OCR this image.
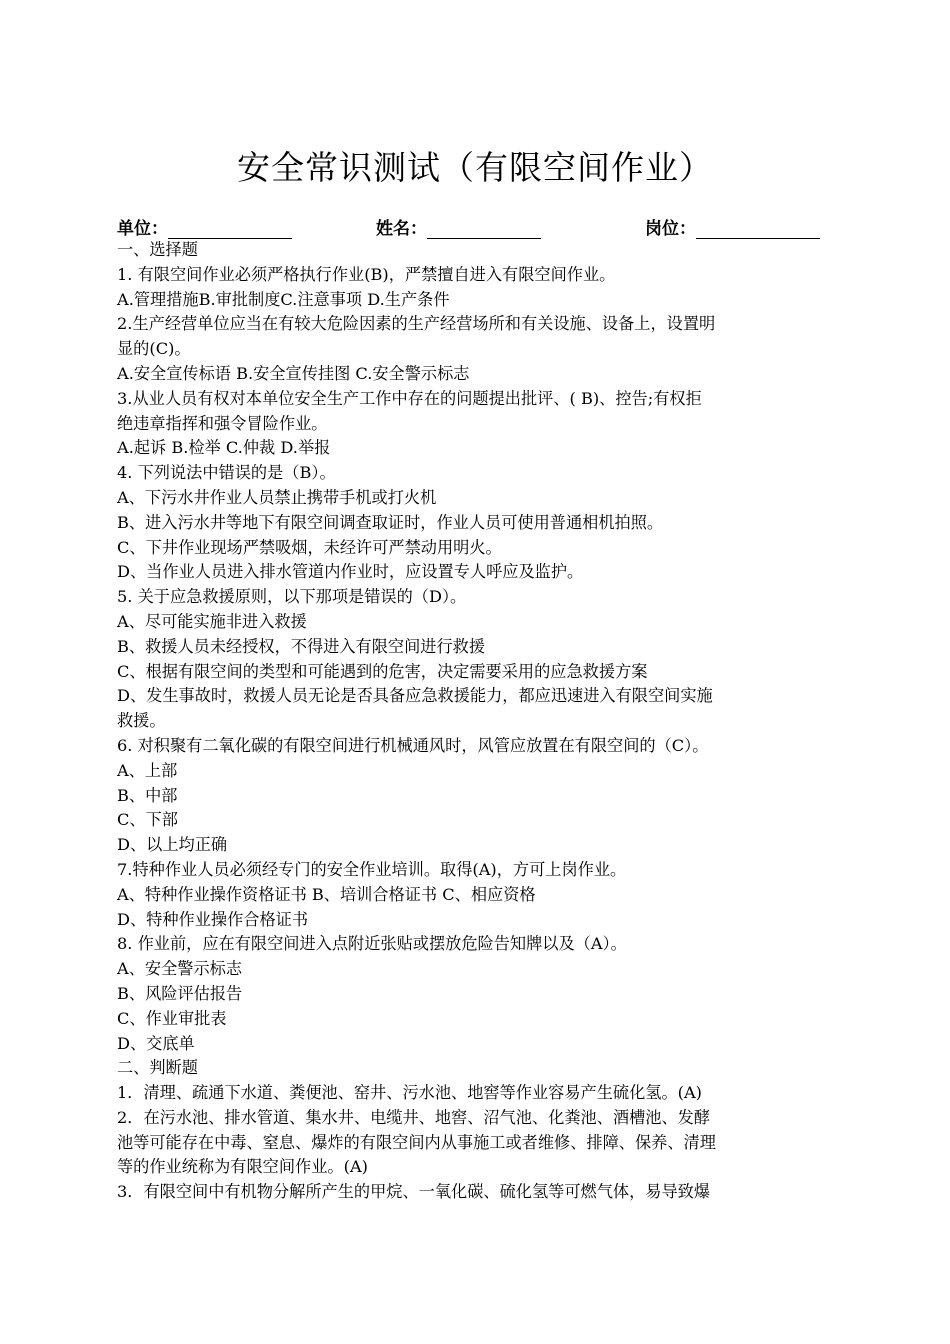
安全常识测试（有限空间作业）
单位：	姓名：	岗位：
一、选择题
1. 有限空间作业必须严格执行作业(B)，严禁擅自进入有限空间作业。
A.管理措施B.审批制度C.注意事项 D.生产条件
2.生产经营单位应当在有较大危险因素的生产经营场所和有关设施、设备上，设置明
显的(C)。
A.安全宣传标语 B.安全宣传挂图 C.安全警示标志
3.从业人员有权对本单位安全生产工作中存在的问题提出批评、( B)、控告;有权拒
绝违章指挥和强令冒险作业。
A.起诉 B.检举 C.仲裁 D.举报
4. 下列说法中错误的是（B）。
A、下污水井作业人员禁止携带手机或打火机
B、进入污水井等地下有限空间调查取证时，作业人员可使用普通相机拍照。
C、下井作业现场严禁吸烟，未经许可严禁动用明火。
D、当作业人员进入排水管道内作业时，应设置专人呼应及监护。
5. 关于应急救援原则，以下那项是错误的（D）。
A、尽可能实施非进入救援
B、救援人员未经授权，不得进入有限空间进行救援
C、根据有限空间的类型和可能遇到的危害，决定需要采用的应急救援方案
D、发生事故时，救援人员无论是否具备应急救援能力，都应迅速进入有限空间实施
救援。
6. 对积聚有二氧化碳的有限空间进行机械通风时，风管应放置在有限空间的（C）。
A、上部
B、中部
C、下部
D、以上均正确
7.特种作业人员必须经专门的安全作业培训。取得(A)，方可上岗作业。
A、特种作业操作资格证书 B、培训合格证书 C、相应资格
D、特种作业操作合格证书
8. 作业前，应在有限空间进入点附近张贴或摆放危险告知牌以及（A）。
A、安全警示标志
B、风险评估报告
C、作业审批表
D、交底单
二、判断题
1．清理、疏通下水道、粪便池、窑井、污水池、地窖等作业容易产生硫化氢。(A)
2．在污水池、排水管道、集水井、电缆井、地窖、沼气池、化粪池、酒槽池、发酵
池等可能存在中毒、窒息、爆炸的有限空间内从事施工或者维修、排障、保养、清理
等的作业统称为有限空间作业。(A)
3．有限空间中有机物分解所产生的甲烷、一氧化碳、硫化氢等可燃气体，易导致爆
